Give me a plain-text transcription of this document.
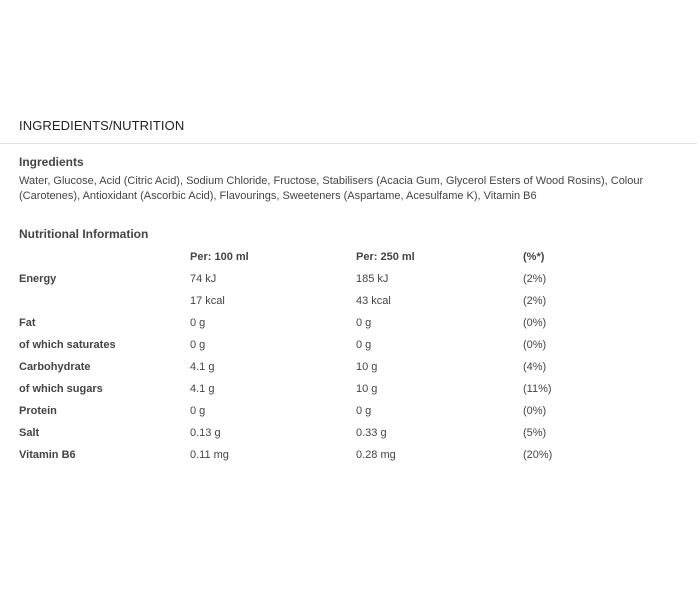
INGREDIENTS/NUTRITION
Ingredients
Water, Glucose, Acid (Citric Acid), Sodium Chloride, Fructose, Stabilisers (Acacia Gum, Glycerol Esters of Wood Rosins), Colour (Carotenes), Antioxidant (Ascorbic Acid), Flavourings, Sweeteners (Aspartame, Acesulfame K), Vitamin B6
Nutritional Information
	Per: 100 ml	Per: 250 ml	(%*)
Energy	74 kJ	185 kJ	(2%)
	17 kcal	43 kcal	(2%)
Fat	0 g	0 g	(0%)
of which saturates	0 g	0 g	(0%)
Carbohydrate	4.1 g	10 g	(4%)
of which sugars	4.1 g	10 g	(11%)
Protein	0 g	0 g	(0%)
Salt	0.13 g	0.33 g	(5%)
Vitamin B6	0.11 mg	0.28 mg	(20%)
